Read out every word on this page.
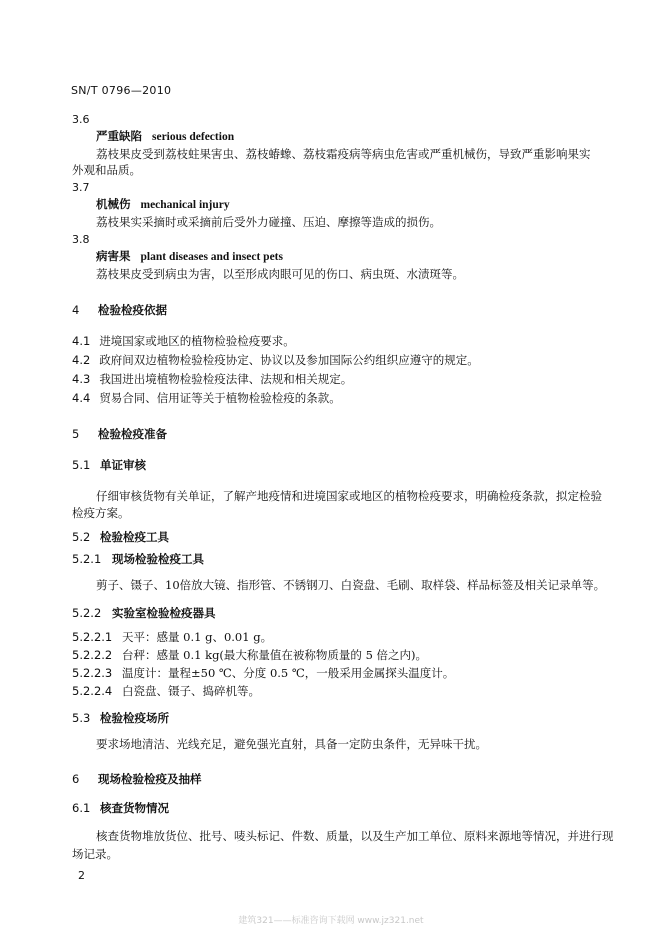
SN/T 0796—2010
3.6
严重缺陷 serious defection
荔枝果皮受到荔枝蛀果害虫、荔枝蝽蟓、荔枝霜疫病等病虫危害或严重机械伤，导致严重影响果实
外观和品质。
3.7
机械伤 mechanical injury
荔枝果实采摘时或采摘前后受外力碰撞、压迫、摩擦等造成的损伤。
3.8
病害果 plant diseases and insect pets
荔枝果皮受到病虫为害，以至形成肉眼可见的伤口、病虫斑、水渍斑等。
4 检验检疫依据
4.1 进境国家或地区的植物检验检疫要求。
4.2 政府间双边植物检验检疫协定、协议以及参加国际公约组织应遵守的规定。
4.3 我国进出境植物检验检疫法律、法规和相关规定。
4.4 贸易合同、信用证等关于植物检验检疫的条款。
5 检验检疫准备
5.1 单证审核
仔细审核货物有关单证，了解产地疫情和进境国家或地区的植物检疫要求，明确检疫条款，拟定检验
检疫方案。
5.2 检验检疫工具
5.2.1 现场检验检疫工具
剪子、镊子、10倍放大镜、指形管、不锈钢刀、白瓷盘、毛刷、取样袋、样品标签及相关记录单等。
5.2.2 实验室检验检疫器具
5.2.2.1 天平：感量 0.1 g、0.01 g。
5.2.2.2 台秤：感量 0.1 kg(最大称量值在被称物质量的 5 倍之内)。
5.2.2.3 温度计：量程±50 ℃、分度 0.5 ℃，一般采用金属探头温度计。
5.2.2.4 白瓷盘、镊子、捣碎机等。
5.3 检验检疫场所
要求场地清洁、光线充足，避免强光直射，具备一定防虫条件，无异味干扰。
6 现场检验检疫及抽样
6.1 核查货物情况
核查货物堆放货位、批号、唛头标记、件数、质量，以及生产加工单位、原料来源地等情况，并进行现
场记录。
2
建筑321——标准咨询下载网 www.jz321.net
